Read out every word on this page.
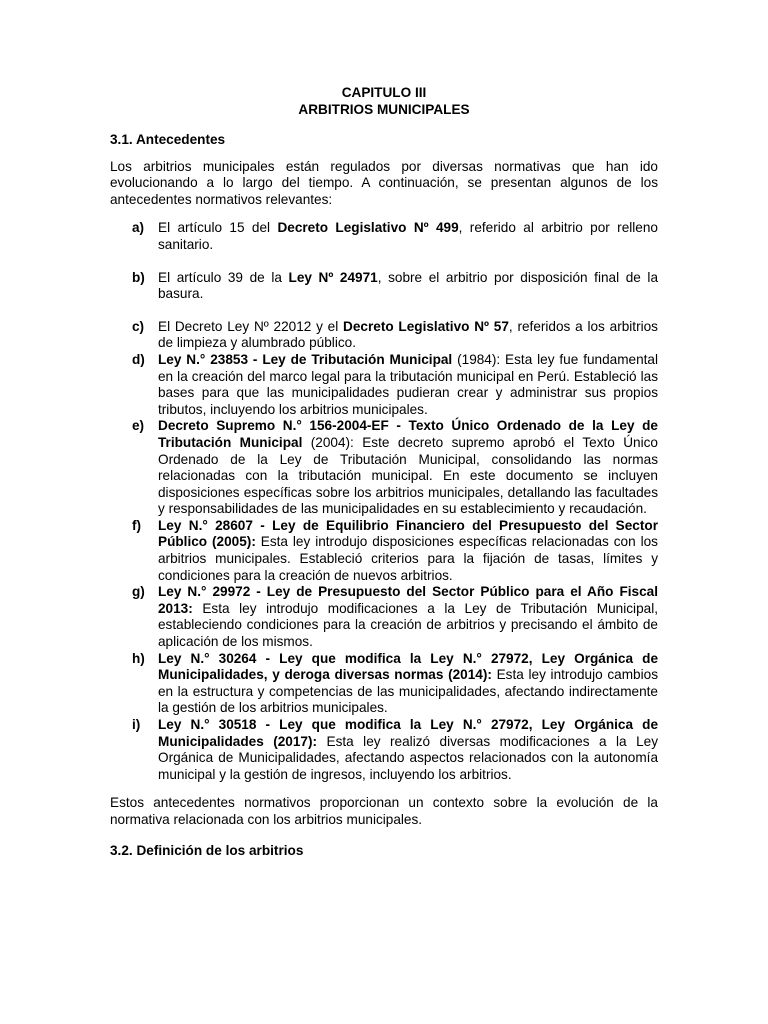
CAPITULO III
ARBITRIOS MUNICIPALES
3.1. Antecedentes

Los arbitrios municipales están regulados por diversas normativas que han ido evolucionando a lo largo del tiempo. A continuación, se presentan algunos de los antecedentes normativos relevantes:

a)	El artículo 15 del Decreto Legislativo Nº 499, referido al arbitrio por relleno sanitario.
b) El artículo 39 de la Ley Nº 24971, sobre el arbitrio por disposición final de la basura.
c)	El Decreto Ley Nº 22012 y el Decreto Legislativo Nº 57, referidos a los arbitrios de limpieza y alumbrado público.
d) Ley N.° 23853 - Ley de Tributación Municipal (1984): Esta ley fue fundamental en la creación del marco legal para la tributación municipal en Perú. Estableció las bases para que las municipalidades pudieran crear y administrar sus propios tributos, incluyendo los arbitrios municipales.
e)	Decreto Supremo N.° 156-2004-EF - Texto Único Ordenado de la Ley de Tributación Municipal (2004): Este decreto supremo aprobó el Texto Único Ordenado de la Ley de Tributación Municipal, consolidando las normas relacionadas con la tributación municipal. En este documento se incluyen disposiciones específicas sobre los arbitrios municipales, detallando las facultades y responsabilidades de las municipalidades en su establecimiento y recaudación.
f)	Ley N.° 28607 - Ley de Equilibrio Financiero del Presupuesto del Sector Público (2005): Esta ley introdujo disposiciones específicas relacionadas con los arbitrios municipales. Estableció criterios para la fijación de tasas, límites y condiciones para la creación de nuevos arbitrios.
g) Ley N.° 29972 - Ley de Presupuesto del Sector Público para el Año Fiscal 2013: Esta ley introdujo modificaciones a la Ley de Tributación Municipal, estableciendo condiciones para la creación de arbitrios y precisando el ámbito de aplicación de los mismos.
h) Ley N.° 30264 - Ley que modifica la Ley N.° 27972, Ley Orgánica de Municipalidades, y deroga diversas normas (2014): Esta ley introdujo cambios en la estructura y competencias de las municipalidades, afectando indirectamente la gestión de los arbitrios municipales.
i)	Ley N.° 30518 - Ley que modifica la Ley N.° 27972, Ley Orgánica de Municipalidades (2017): Esta ley realizó diversas modificaciones a la Ley Orgánica de Municipalidades, afectando aspectos relacionados con la autonomía municipal y la gestión de ingresos, incluyendo los arbitrios.

Estos antecedentes normativos proporcionan un contexto sobre la evolución de la normativa relacionada con los arbitrios municipales.

3.2. Definición de los arbitrios
